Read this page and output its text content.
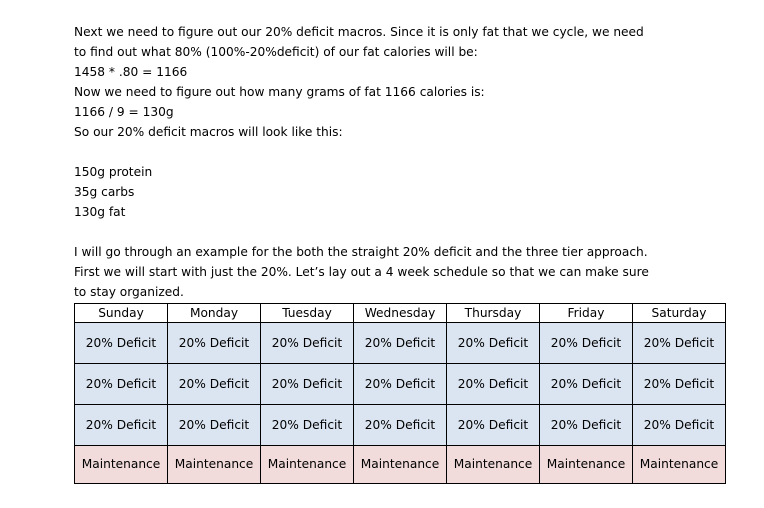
Next we need to figure out our 20% deficit macros. Since it is only fat that we cycle, we need
to find out what 80% (100%-20%deficit) of our fat calories will be:
1458 * .80 = 1166
Now we need to figure out how many grams of fat 1166 calories is:
1166 / 9 = 130g
So our 20% deficit macros will look like this:
150g protein
35g carbs
130g fat
I will go through an example for the both the straight 20% deficit and the three tier approach.
First we will start with just the 20%. Let’s lay out a 4 week schedule so that we can make sure
to stay organized.
Sunday	Monday	Tuesday	Wednesday	Thursday	Friday	Saturday
20% Deficit	20% Deficit	20% Deficit	20% Deficit	20% Deficit	20% Deficit	20% Deficit
20% Deficit	20% Deficit	20% Deficit	20% Deficit	20% Deficit	20% Deficit	20% Deficit
20% Deficit	20% Deficit	20% Deficit	20% Deficit	20% Deficit	20% Deficit	20% Deficit

Maintenance	Maintenance	Maintenance	Maintenance	Maintenance	Maintenance	Maintenance
